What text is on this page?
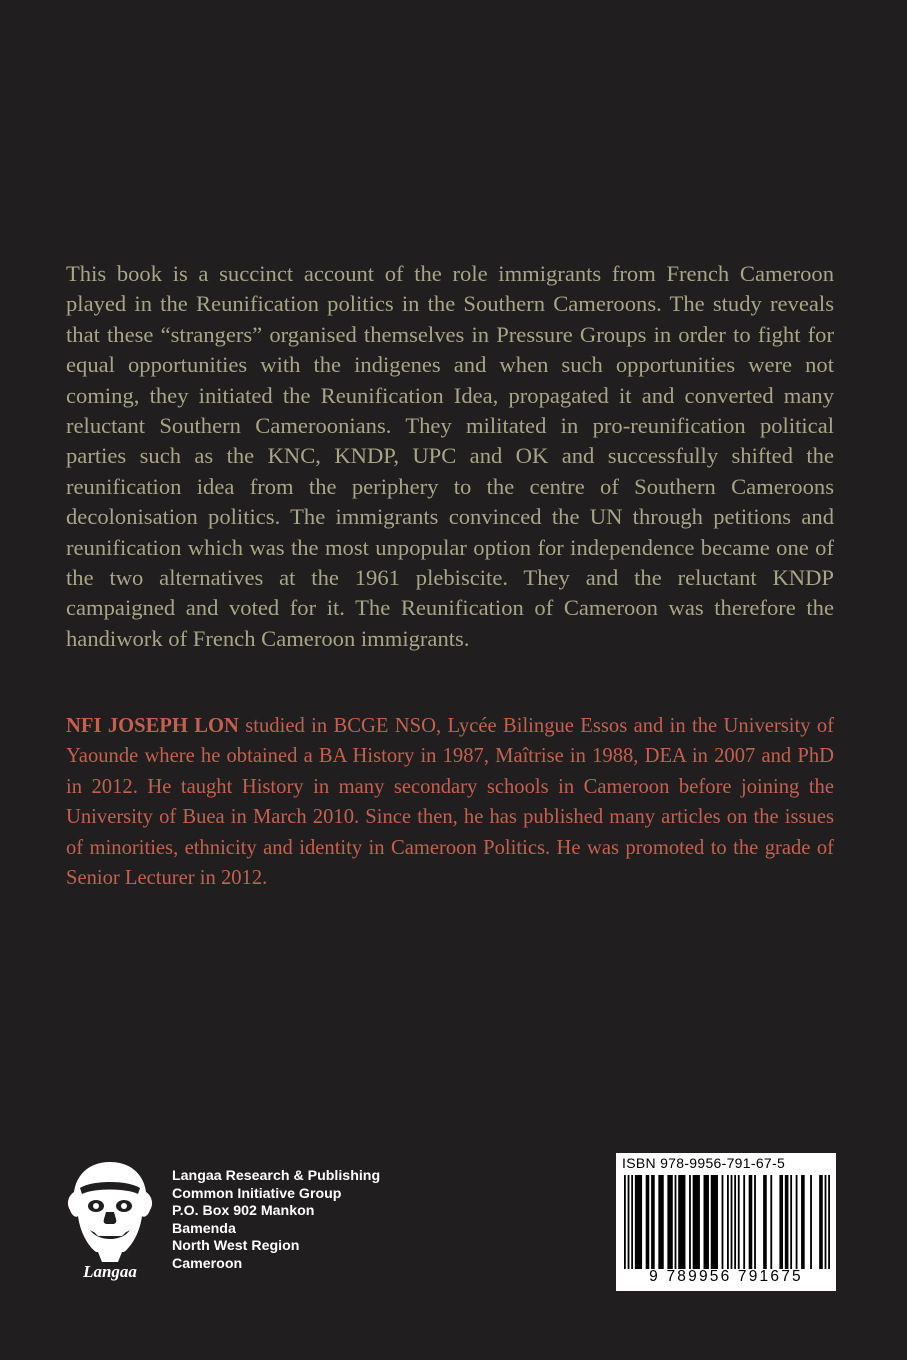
This book is a succinct account of the role immigrants from French Cameroon played in the Reunification politics in the Southern Cameroons. The study reveals that these “strangers” organised themselves in Pressure Groups in order to fight for equal opportunities with the indigenes and when such opportunities were not coming, they initiated the Reunification Idea, propagated it and converted many reluctant Southern Cameroonians. They militated in pro-reunification political parties such as the KNC, KNDP, UPC and OK and successfully shifted the reunification idea from the periphery to the centre of Southern Cameroons decolonisation politics. The immigrants convinced the UN through petitions and reunification which was the most unpopular option for independence became one of the two alternatives at the 1961 plebiscite. They and the reluctant KNDP campaigned and voted for it. The Reunification of Cameroon was therefore the handiwork of French Cameroon immigrants.

NFI JOSEPH LON studied in BCGE NSO, Lycée Bilingue Essos and in the University of Yaounde where he obtained a BA History in 1987, Maîtrise in 1988, DEA in 2007 and PhD in 2012. He taught History in many secondary schools in Cameroon before joining the University of Buea in March 2010. Since then, he has published many articles on the issues of minorities, ethnicity and identity in Cameroon Politics. He was promoted to the grade of Senior Lecturer in 2012.

Langaa
Langaa Research & Publishing
Common Initiative Group
P.O. Box 902 Mankon
Bamenda
North West Region
Cameroon
ISBN 978-9956-791-67-5
9 789956 791675
